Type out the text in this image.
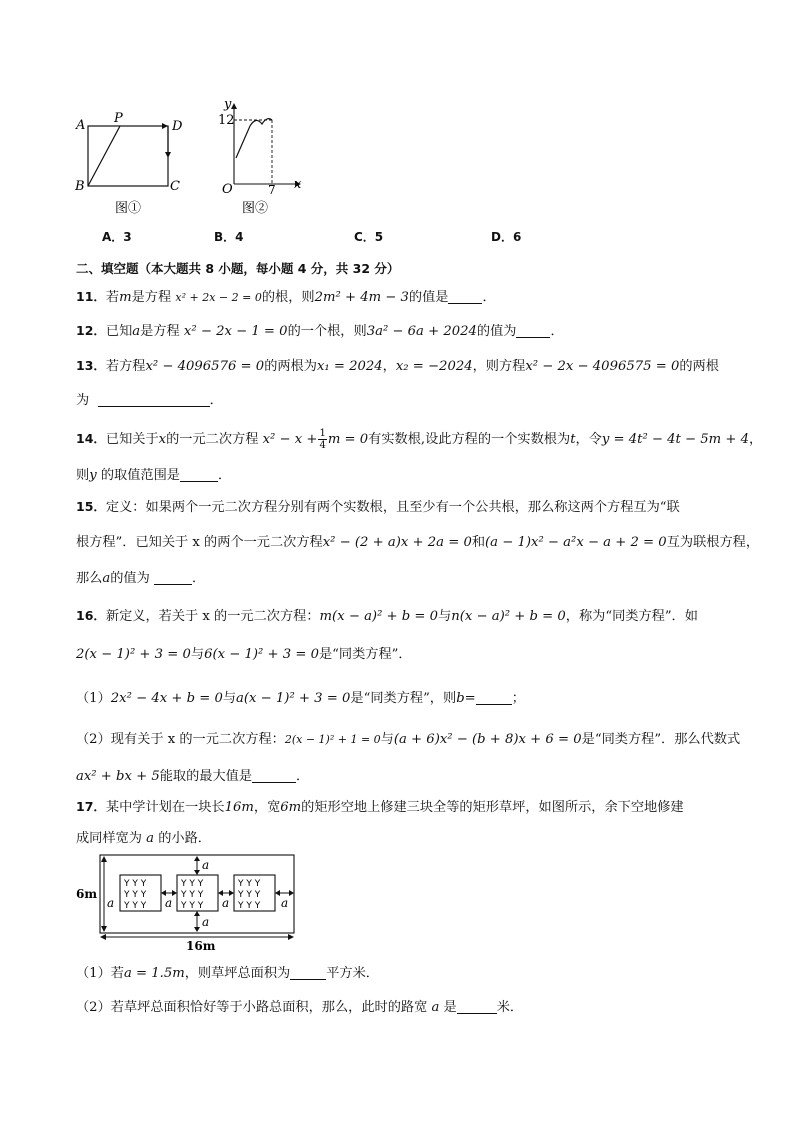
A P
D
B	C
图①
y
x
O
12
7
图②
A．3	B．4	C．5	D．6
二、填空题（本大题共 8 小题，每小题 4 分，共 32 分）
11．若m是方程 x² + 2x − 2 = 0的根，则2m² + 4m − 3的值是	．
12．已知a是方程 x² − 2x − 1 = 0的一个根，则3a² − 6a + 2024的值为	．
13．若方程x² − 4096576 = 0的两根为x₁ = 2024，x₂ = −2024，则方程x² − 2x − 4096575 = 0的两根
为	．
14．已知关于x的一元二次方程 $x^2 - x + \frac{1}{4}$ m = 0有实数根,设此方程的一个实数根为t，令y = 4t² − 4t − 5m + 4，
则y 的取值范围是	．
15．定义：如果两个一元二次方程分别有两个实数根，且至少有一个公共根，那么称这两个方程互为“联
根方程”．已知关于 x 的两个一元二次方程x² − (2 + a)x + 2a = 0和(a − 1)x² − a²x − a + 2 = 0互为联根方程，
那么a的值为	．
16．新定义，若关于 x 的一元二次方程：m(x − a)² + b = 0与n(x − a)² + b = 0，称为“同类方程”．如
2(x − 1)² + 3 = 0与6(x − 1)² + 3 = 0是“同类方程”．
（1）2x² − 4x + b = 0与a(x − 1)² + 3 = 0是“同类方程”，则b=	；
（2）现有关于 x 的一元二次方程：2(x − 1)² + 1 = 0与(a + 6)x² − (b + 8)x + 6 = 0是“同类方程”．那么代数式
ax² + bx + 5能取的最大值是	．
17．某中学计划在一块长16m，宽6m的矩形空地上修建三块全等的矩形草坪，如图所示，余下空地修建
成同样宽为 a 的小路．
Y Y Y
Y Y Y
Y Y Y
Y Y Y
Y Y Y
Y Y Y
Y Y Y
Y Y Y
Y Y Y
6m
a	a	a	a
a
a
16m
（1）若a = 1.5m，则草坪总面积为	平方米．
（2）若草坪总面积恰好等于小路总面积，那么，此时的路宽 a 是	米．
